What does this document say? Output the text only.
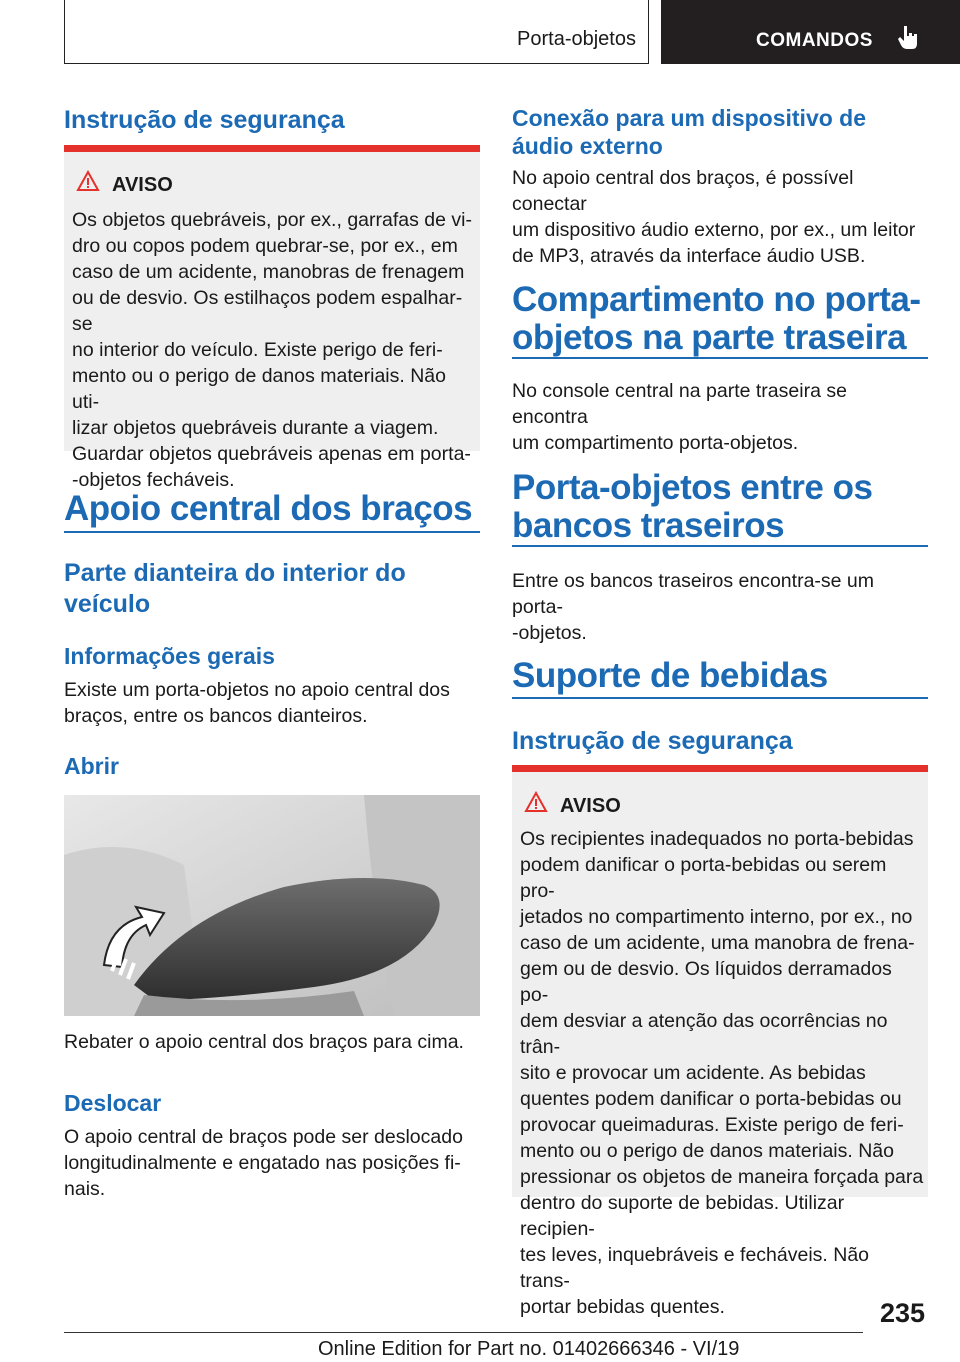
Porta-objetos	COMANDOS
Instrução de segurança
AVISO
Os objetos quebráveis, por ex., garrafas de vi-
dro ou copos podem quebrar-se, por ex., em
caso de um acidente, manobras de frenagem
ou de desvio. Os estilhaços podem espalhar-se
no interior do veículo. Existe perigo de feri-
mento ou o perigo de danos materiais. Não uti-
lizar objetos quebráveis durante a viagem.
Guardar objetos quebráveis apenas em porta-
-objetos fecháveis.
Apoio central dos braços
Parte dianteira do interior do
veículo
Informações gerais
Existe um porta-objetos no apoio central dos
braços, entre os bancos dianteiros.
Abrir
Rebater o apoio central dos braços para cima.
Deslocar
O apoio central de braços pode ser deslocado
longitudinalmente e engatado nas posições fi-
nais.
Conexão para um dispositivo de
áudio externo
No apoio central dos braços, é possível conectar
um dispositivo áudio externo, por ex., um leitor
de MP3, através da interface áudio USB.
Compartimento no porta-
objetos na parte traseira
No console central na parte traseira se encontra
um compartimento porta-objetos.
Porta-objetos entre os
bancos traseiros
Entre os bancos traseiros encontra-se um porta-
-objetos.
Suporte de bebidas
Instrução de segurança
AVISO
Os recipientes inadequados no porta-bebidas
podem danificar o porta-bebidas ou serem pro-
jetados no compartimento interno, por ex., no
caso de um acidente, uma manobra de frena-
gem ou de desvio. Os líquidos derramados po-
dem desviar a atenção das ocorrências no trân-
sito e provocar um acidente. As bebidas
quentes podem danificar o porta-bebidas ou
provocar queimaduras. Existe perigo de feri-
mento ou o perigo de danos materiais. Não
pressionar os objetos de maneira forçada para
dentro do suporte de bebidas. Utilizar recipien-
tes leves, inquebráveis e fecháveis. Não trans-
portar bebidas quentes.	235
Online Edition for Part no. 01402666346 - VI/19
